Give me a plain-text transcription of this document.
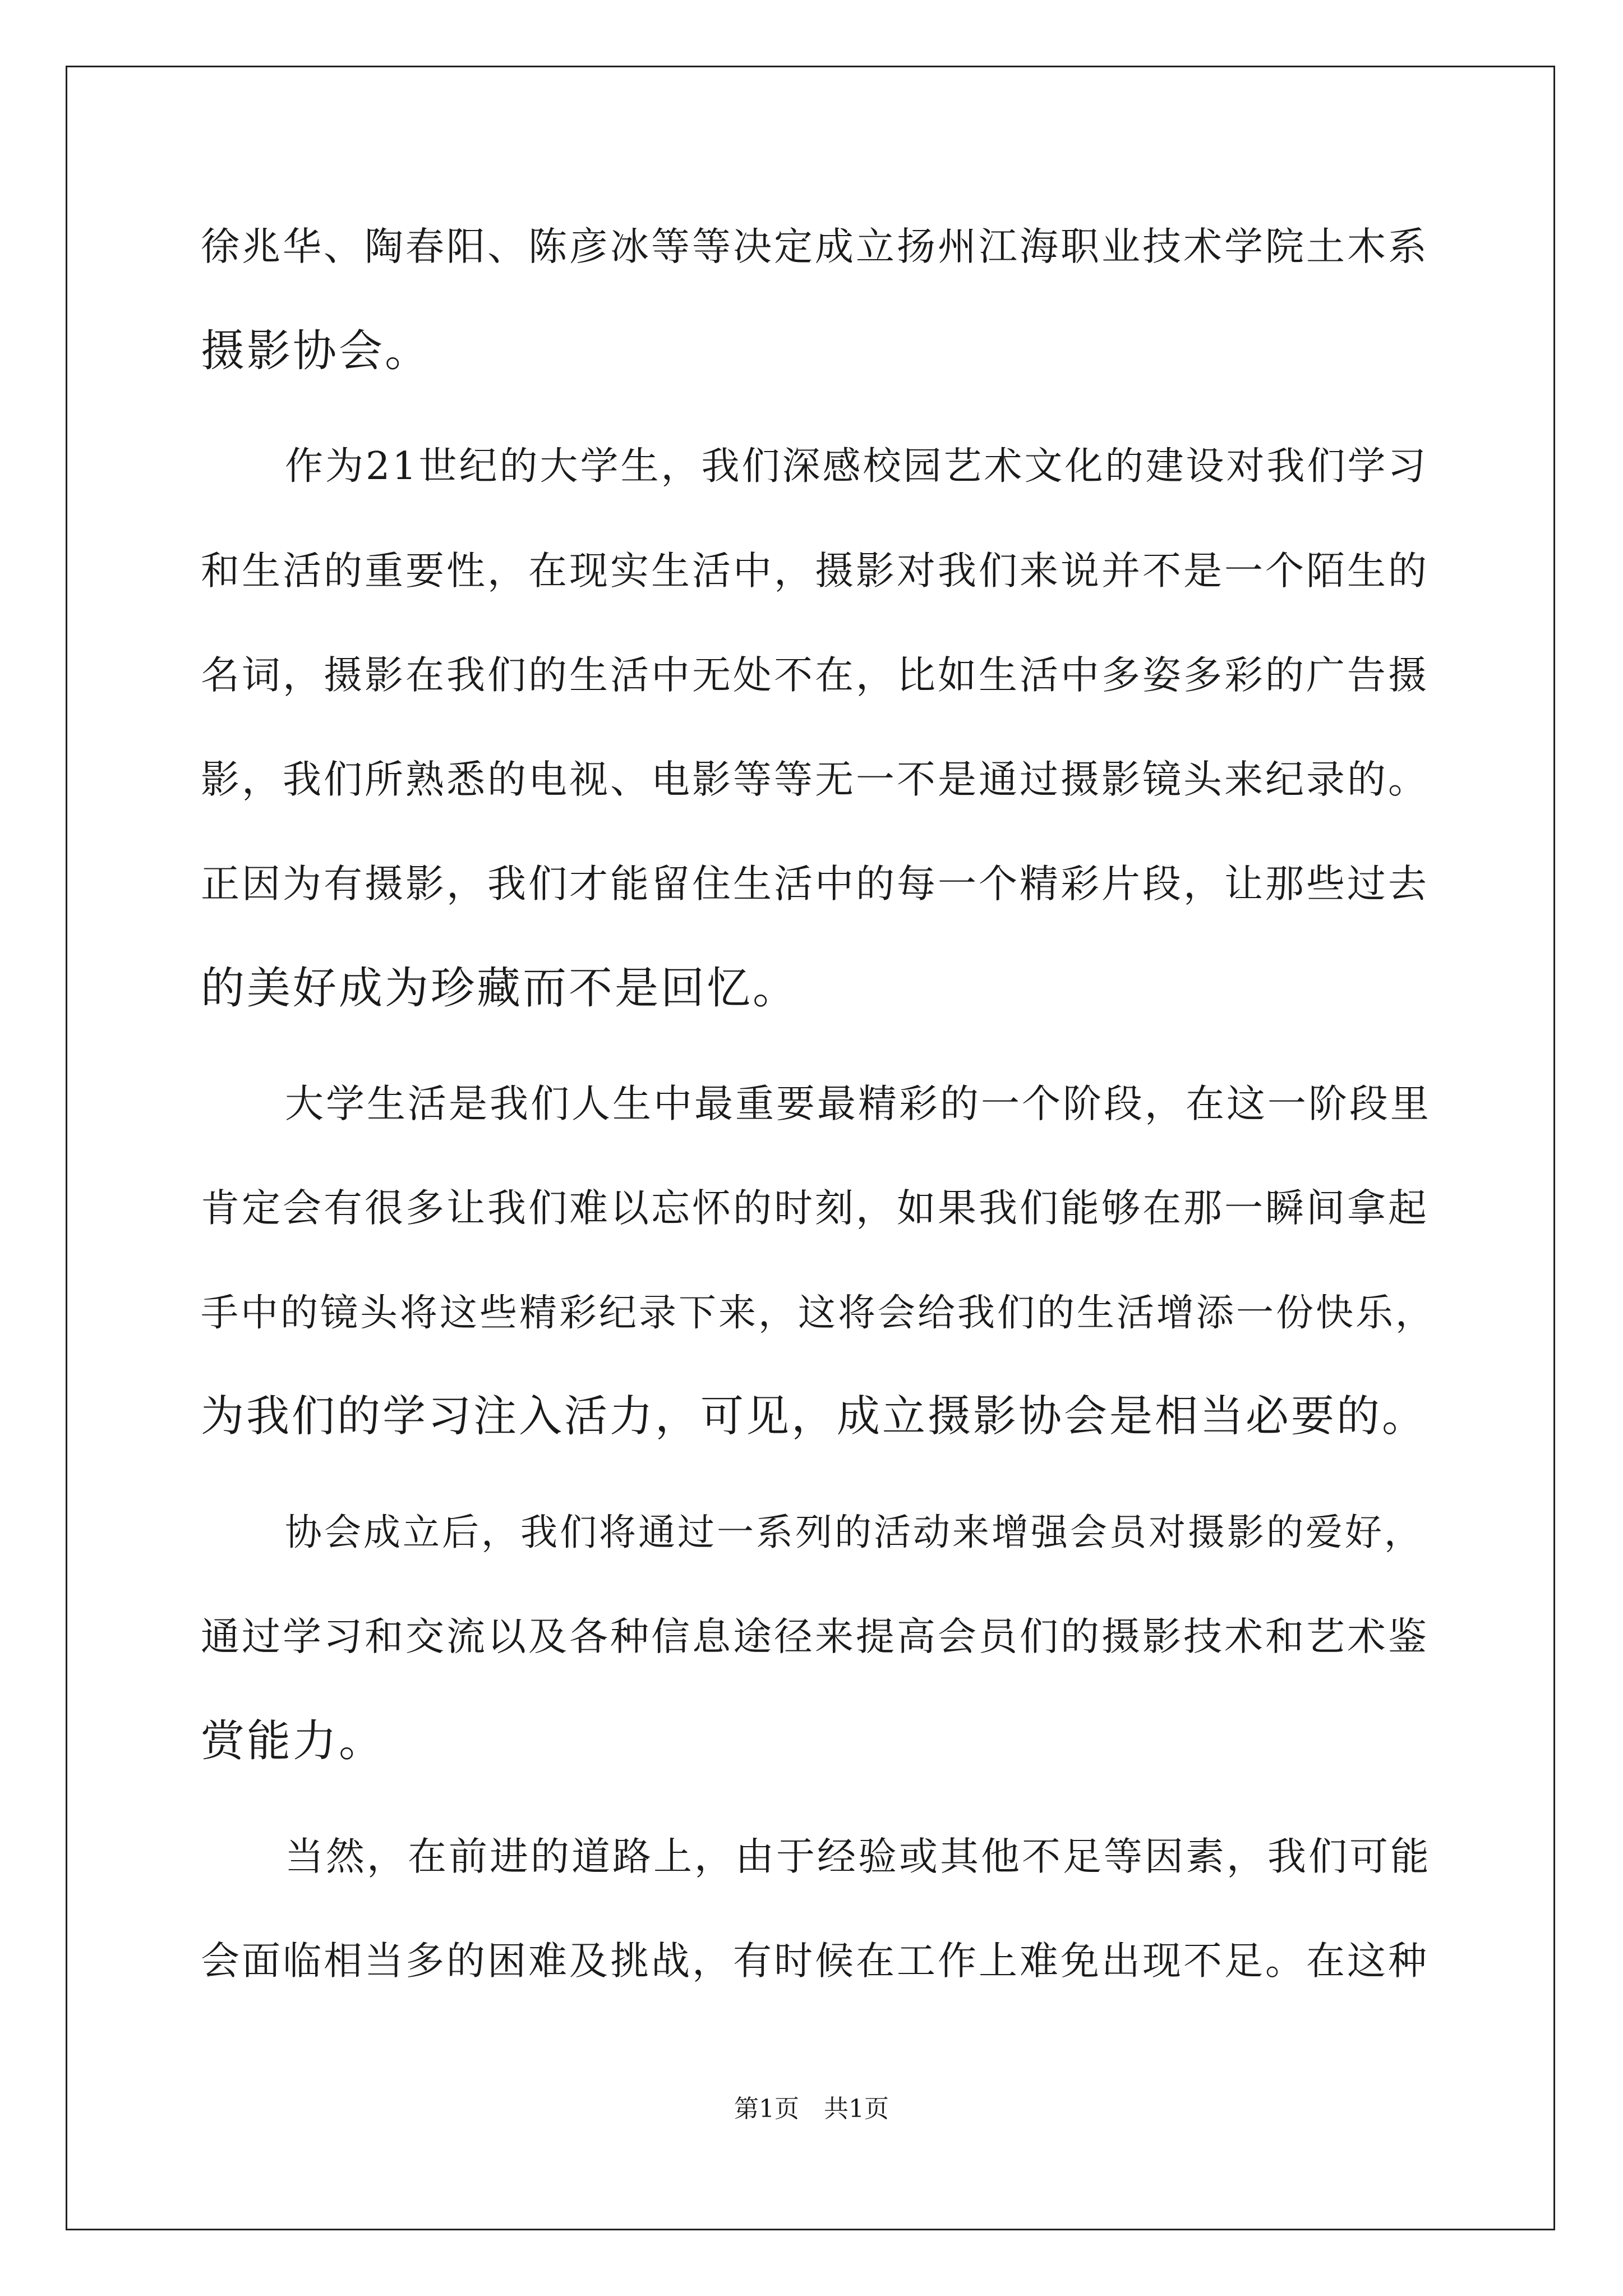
徐兆华、陶春阳、陈彦冰等等决定成立扬州江海职业技术学院土木系
摄影协会。
作为21世纪的大学生，我们深感校园艺术文化的建设对我们学习
和生活的重要性，在现实生活中，摄影对我们来说并不是一个陌生的
名词，摄影在我们的生活中无处不在，比如生活中多姿多彩的广告摄
影，我们所熟悉的电视、电影等等无一不是通过摄影镜头来纪录的。
正因为有摄影，我们才能留住生活中的每一个精彩片段，让那些过去
的美好成为珍藏而不是回忆。
大学生活是我们人生中最重要最精彩的一个阶段，在这一阶段里
肯定会有很多让我们难以忘怀的时刻，如果我们能够在那一瞬间拿起
手中的镜头将这些精彩纪录下来，这将会给我们的生活增添一份快乐，
为我们的学习注入活力，可见，成立摄影协会是相当必要的。
协会成立后，我们将通过一系列的活动来增强会员对摄影的爱好，
通过学习和交流以及各种信息途径来提高会员们的摄影技术和艺术鉴
赏能力。
当然，在前进的道路上，由于经验或其他不足等因素，我们可能
会面临相当多的困难及挑战，有时候在工作上难免出现不足。在这种
第1页　共1页
